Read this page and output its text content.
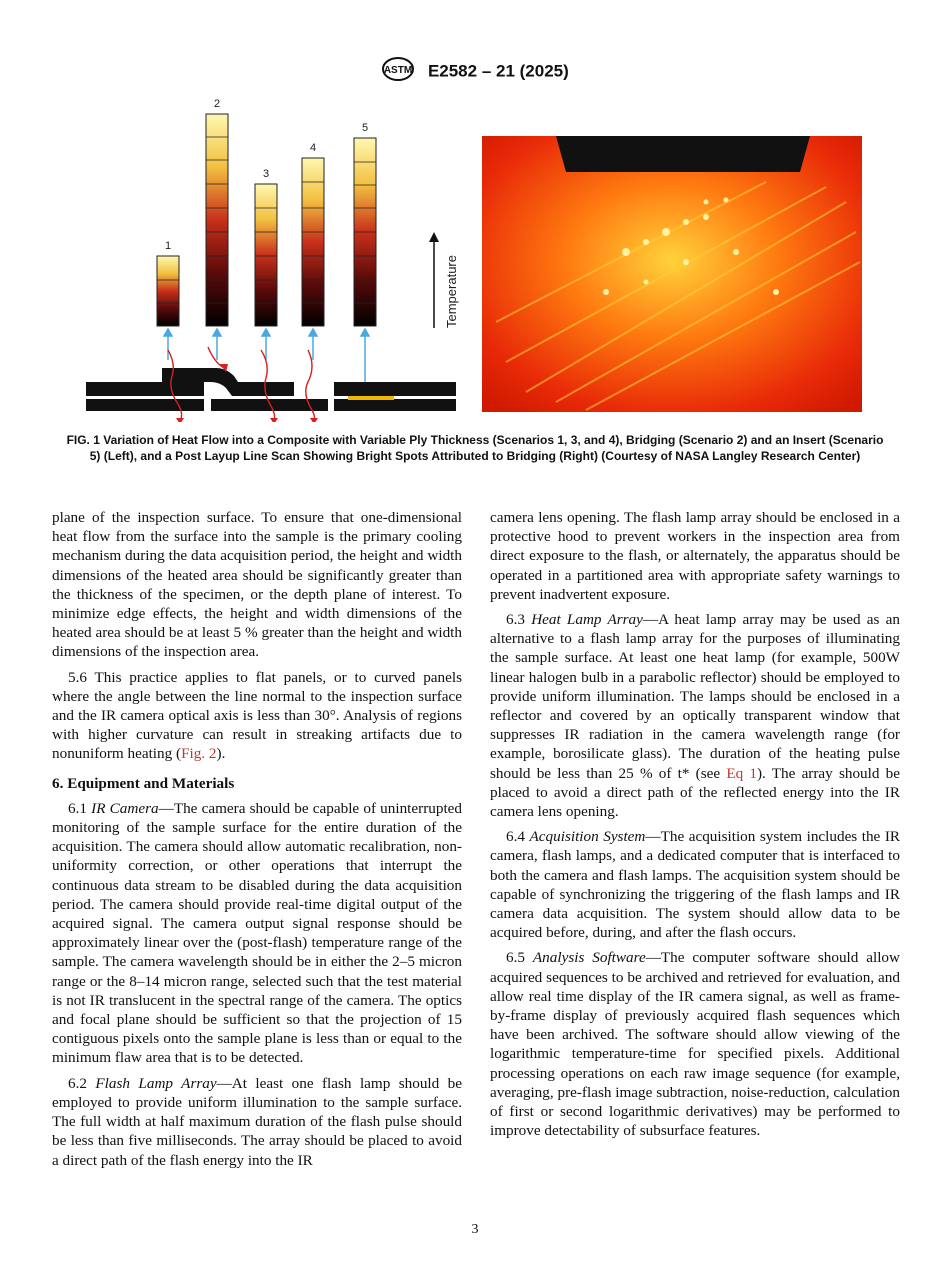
ASTM E2582 – 21 (2025)
1
2
3
4
5
Temperature
FIG. 1 Variation of Heat Flow into a Composite with Variable Ply Thickness (Scenarios 1, 3, and 4), Bridging (Scenario 2) and an Insert (Scenario 5) (Left), and a Post Layup Line Scan Showing Bright Spots Attributed to Bridging (Right) (Courtesy of NASA Langley Research Center)

plane of the inspection surface. To ensure that one-dimensional heat flow from the surface into the sample is the primary cooling mechanism during the data acquisition period, the height and width dimensions of the heated area should be significantly greater than the thickness of the specimen, or the depth plane of interest. To minimize edge effects, the height and width dimensions of the heated area should be at least 5 % greater than the height and width dimensions of the inspection area.

5.6 This practice applies to flat panels, or to curved panels where the angle between the line normal to the inspection surface and the IR camera optical axis is less than 30°. Analysis of regions with higher curvature can result in streaking artifacts due to nonuniform heating (Fig. 2).

6. Equipment and Materials

6.1 IR Camera—The camera should be capable of uninterrupted monitoring of the sample surface for the entire duration of the acquisition. The camera should allow automatic recalibration, non-uniformity correction, or other operations that interrupt the continuous data stream to be disabled during the data acquisition period. The camera should provide real-time digital output of the acquired signal. The camera output signal response should be approximately linear over the (post-flash) temperature range of the sample. The camera wavelength should be in either the 2–5 micron range or the 8–14 micron range, selected such that the test material is not IR translucent in the spectral range of the camera. The optics and focal plane should be sufficient so that the projection of 15 contiguous pixels onto the sample plane is less than or equal to the minimum flaw area that is to be detected.

6.2 Flash Lamp Array—At least one flash lamp should be employed to provide uniform illumination to the sample surface. The full width at half maximum duration of the flash pulse should be less than five milliseconds. The array should be placed to avoid a direct path of the flash energy into the IR

camera lens opening. The flash lamp array should be enclosed in a protective hood to prevent workers in the inspection area from direct exposure to the flash, or alternately, the apparatus should be operated in a partitioned area with appropriate safety warnings to prevent inadvertent exposure.

6.3 Heat Lamp Array—A heat lamp array may be used as an alternative to a flash lamp array for the purposes of illuminating the sample surface. At least one heat lamp (for example, 500W linear halogen bulb in a parabolic reflector) should be employed to provide uniform illumination. The lamps should be enclosed in a reflector and covered by an optically transparent window that suppresses IR radiation in the camera wavelength range (for example, borosilicate glass). The duration of the heating pulse should be less than 25 % of t* (see Eq 1). The array should be placed to avoid a direct path of the reflected energy into the IR camera lens opening.

6.4 Acquisition System—The acquisition system includes the IR camera, flash lamps, and a dedicated computer that is interfaced to both the camera and flash lamps. The acquisition system should be capable of synchronizing the triggering of the flash lamps and IR camera data acquisition. The system should allow data to be acquired before, during, and after the flash occurs.

6.5 Analysis Software—The computer software should allow acquired sequences to be archived and retrieved for evaluation, and allow real time display of the IR camera signal, as well as frame-by-frame display of previously acquired flash sequences which have been archived. The software should allow viewing of the logarithmic temperature-time for specified pixels. Additional processing operations on each raw image sequence (for example, averaging, pre-flash image subtraction, noise-reduction, calculation of first or second logarithmic derivatives) may be performed to improve detectability of subsurface features.

3
